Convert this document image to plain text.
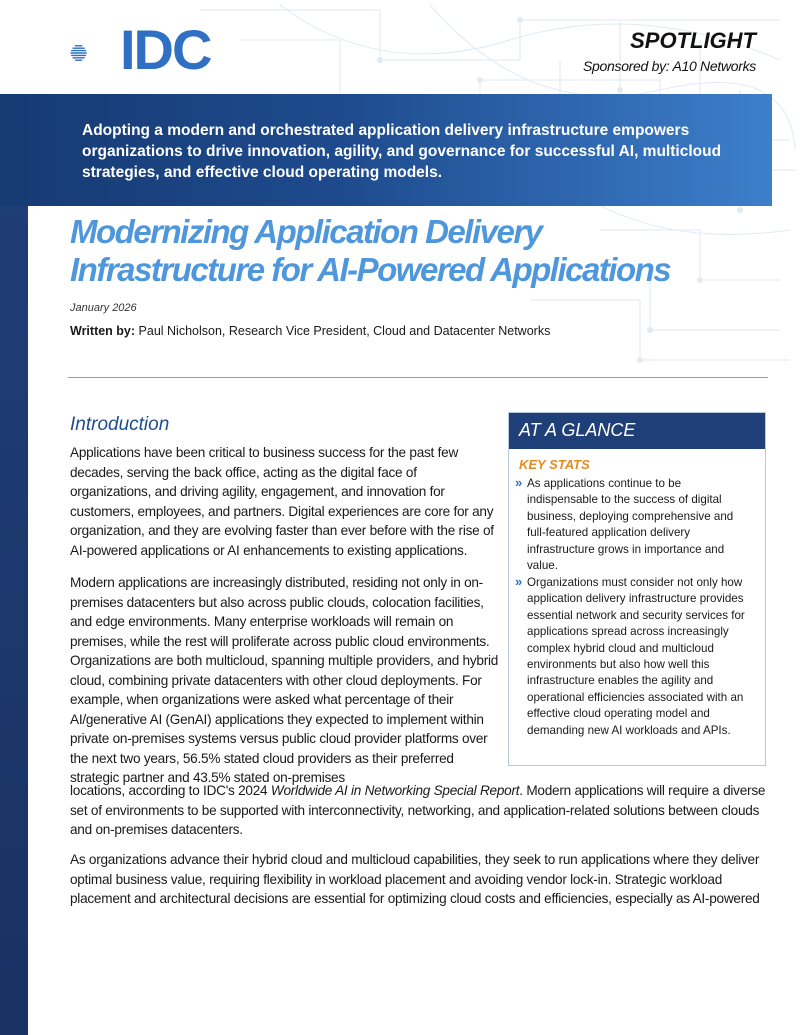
IDC	SPOTLIGHT
Sponsored by: A10 Networks
Adopting a modern and orchestrated application delivery infrastructure empowers organizations to drive innovation, agility, and governance for successful AI, multicloud strategies, and effective cloud operating models.
Modernizing Application Delivery
Infrastructure for AI-Powered Applications
January 2026
Written by: Paul Nicholson, Research Vice President, Cloud and Datacenter Networks
Introduction
Applications have been critical to business success for the past few decades, serving the back office, acting as the digital face of organizations, and driving agility, engagement, and innovation for customers, employees, and partners. Digital experiences are core for any organization, and they are evolving faster than ever before with the rise of AI-powered applications or AI enhancements to existing applications.
Modern applications are increasingly distributed, residing not only in on-premises datacenters but also across public clouds, colocation facilities, and edge environments. Many enterprise workloads will remain on premises, while the rest will proliferate across public cloud environments. Organizations are both multicloud, spanning multiple providers, and hybrid cloud, combining private datacenters with other cloud deployments. For example, when organizations were asked what percentage of their AI/generative AI (GenAI) applications they expected to implement within private on-premises systems versus public cloud provider platforms over the next two years, 56.5% stated cloud providers as their preferred strategic partner and 43.5% stated on-premises
locations, according to IDC's 2024 Worldwide AI in Networking Special Report. Modern applications will require a diverse set of environments to be supported with interconnectivity, networking, and application-related solutions between clouds and on-premises datacenters.
As organizations advance their hybrid cloud and multicloud capabilities, they seek to run applications where they deliver optimal business value, requiring flexibility in workload placement and avoiding vendor lock-in. Strategic workload placement and architectural decisions are essential for optimizing cloud costs and efficiencies, especially as AI-powered
AT A GLANCE
KEY STATS
» As applications continue to be indispensable to the success of digital business, deploying comprehensive and full-featured application delivery infrastructure grows in importance and value.
» Organizations must consider not only how application delivery infrastructure provides essential network and security services for applications spread across increasingly complex hybrid cloud and multicloud environments but also how well this infrastructure enables the agility and operational efficiencies associated with an effective cloud operating model and demanding new AI workloads and APIs.
